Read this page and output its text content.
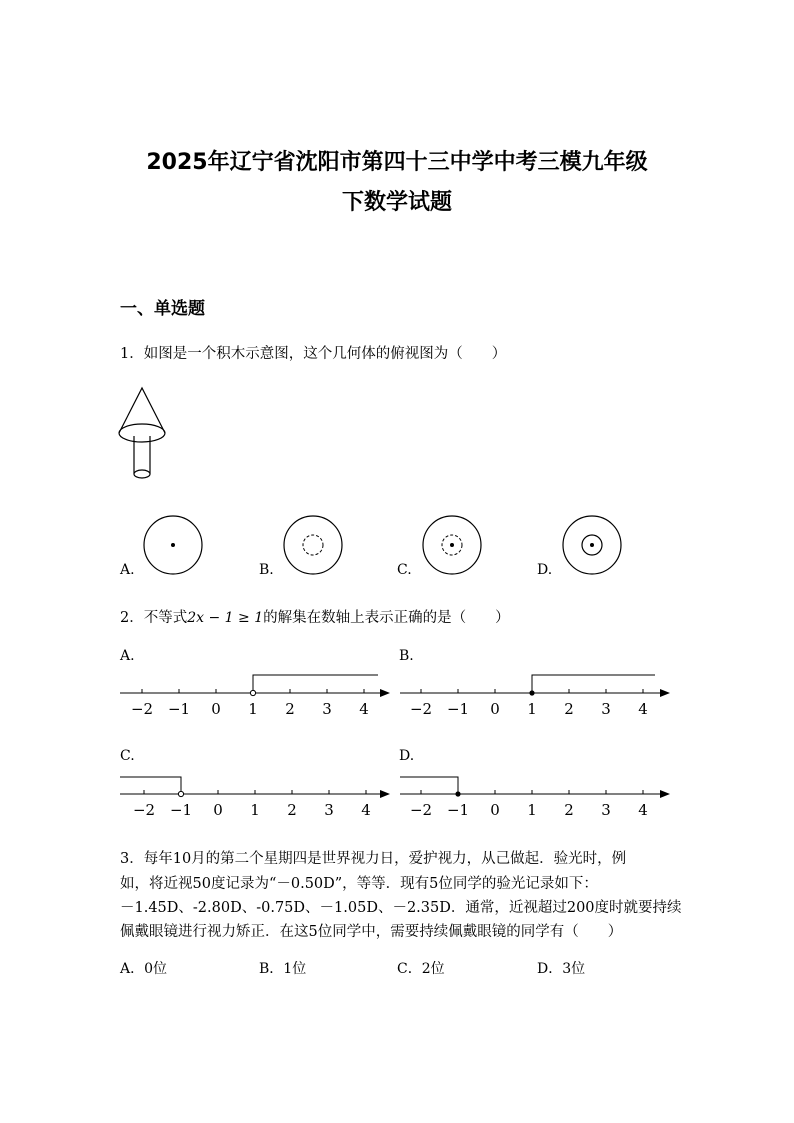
2025年辽宁省沈阳市第四十三中学中考三模九年级
下数学试题
一、单选题
1．如图是一个积木示意图，这个几何体的俯视图为（　　）
A.	B.	C.	D.
2．不等式2x − 1 ≥ 1的解集在数轴上表示正确的是（　　）
A.	B.
C.	D.
−2 −1 0 1 2 3 4	−2 −1 0 1 2 3 4
−2 −1 0 1 2 3 4	−2 −1 0 1 2 3 4
3．每年10月的第二个星期四是世界视力日，爱护视力，从己做起．验光时，例
如，将近视50度记录为“－0.50D”，等等．现有5位同学的验光记录如下：
－1.45D、-2.80D、-0.75D、－1.05D、－2.35D．通常，近视超过200度时就要持续
佩戴眼镜进行视力矫正．在这5位同学中，需要持续佩戴眼镜的同学有（　　）
A．0位	B．1位	C．2位	D．3位
